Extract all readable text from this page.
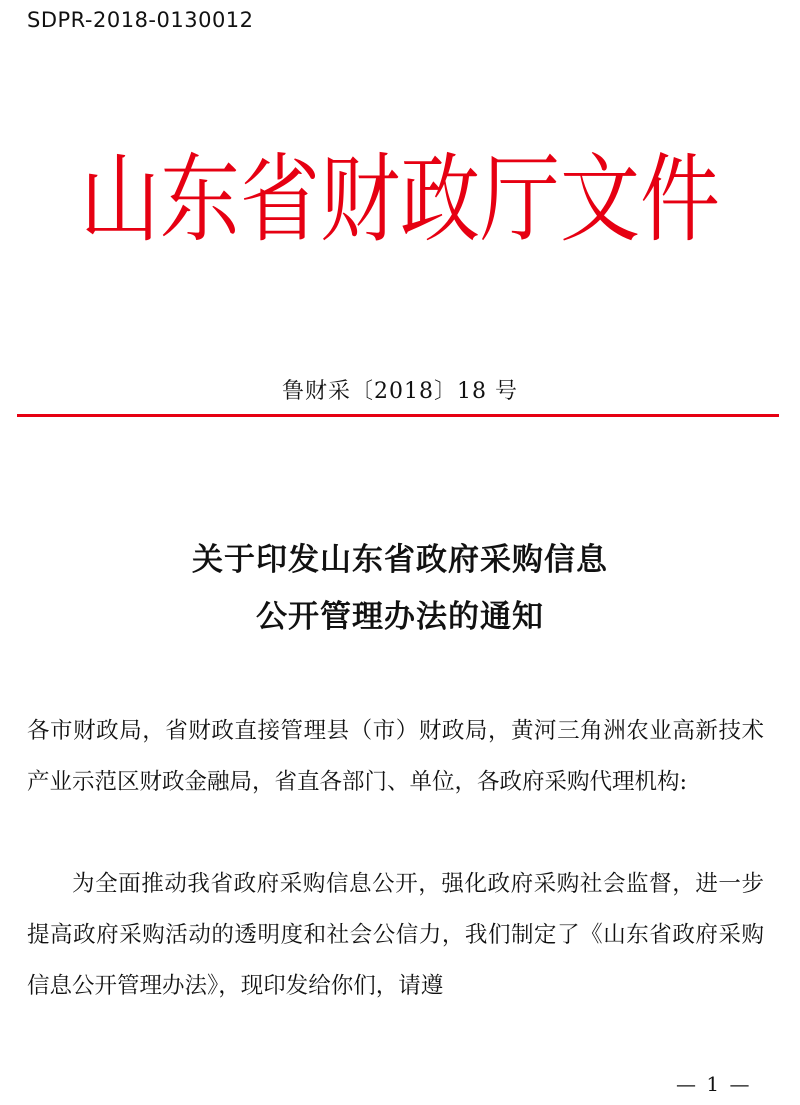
SDPR-2018-0130012
山 东 省 财 政 厅 文 件
鲁财采〔2018〕18 号
关于印发山东省政府采购信息
公开管理办法的通知

各市财政局，省财政直接管理县（市）财政局，黄河三角洲农业高新技术产业示范区财政金融局，省直各部门、单位，各政府采购代理机构:

为全面推动我省政府采购信息公开，强化政府采购社会监督，进一步提高政府采购活动的透明度和社会公信力，我们制定了《山东省政府采购信息公开管理办法》，现印发给你们，请遵

— 1 —
